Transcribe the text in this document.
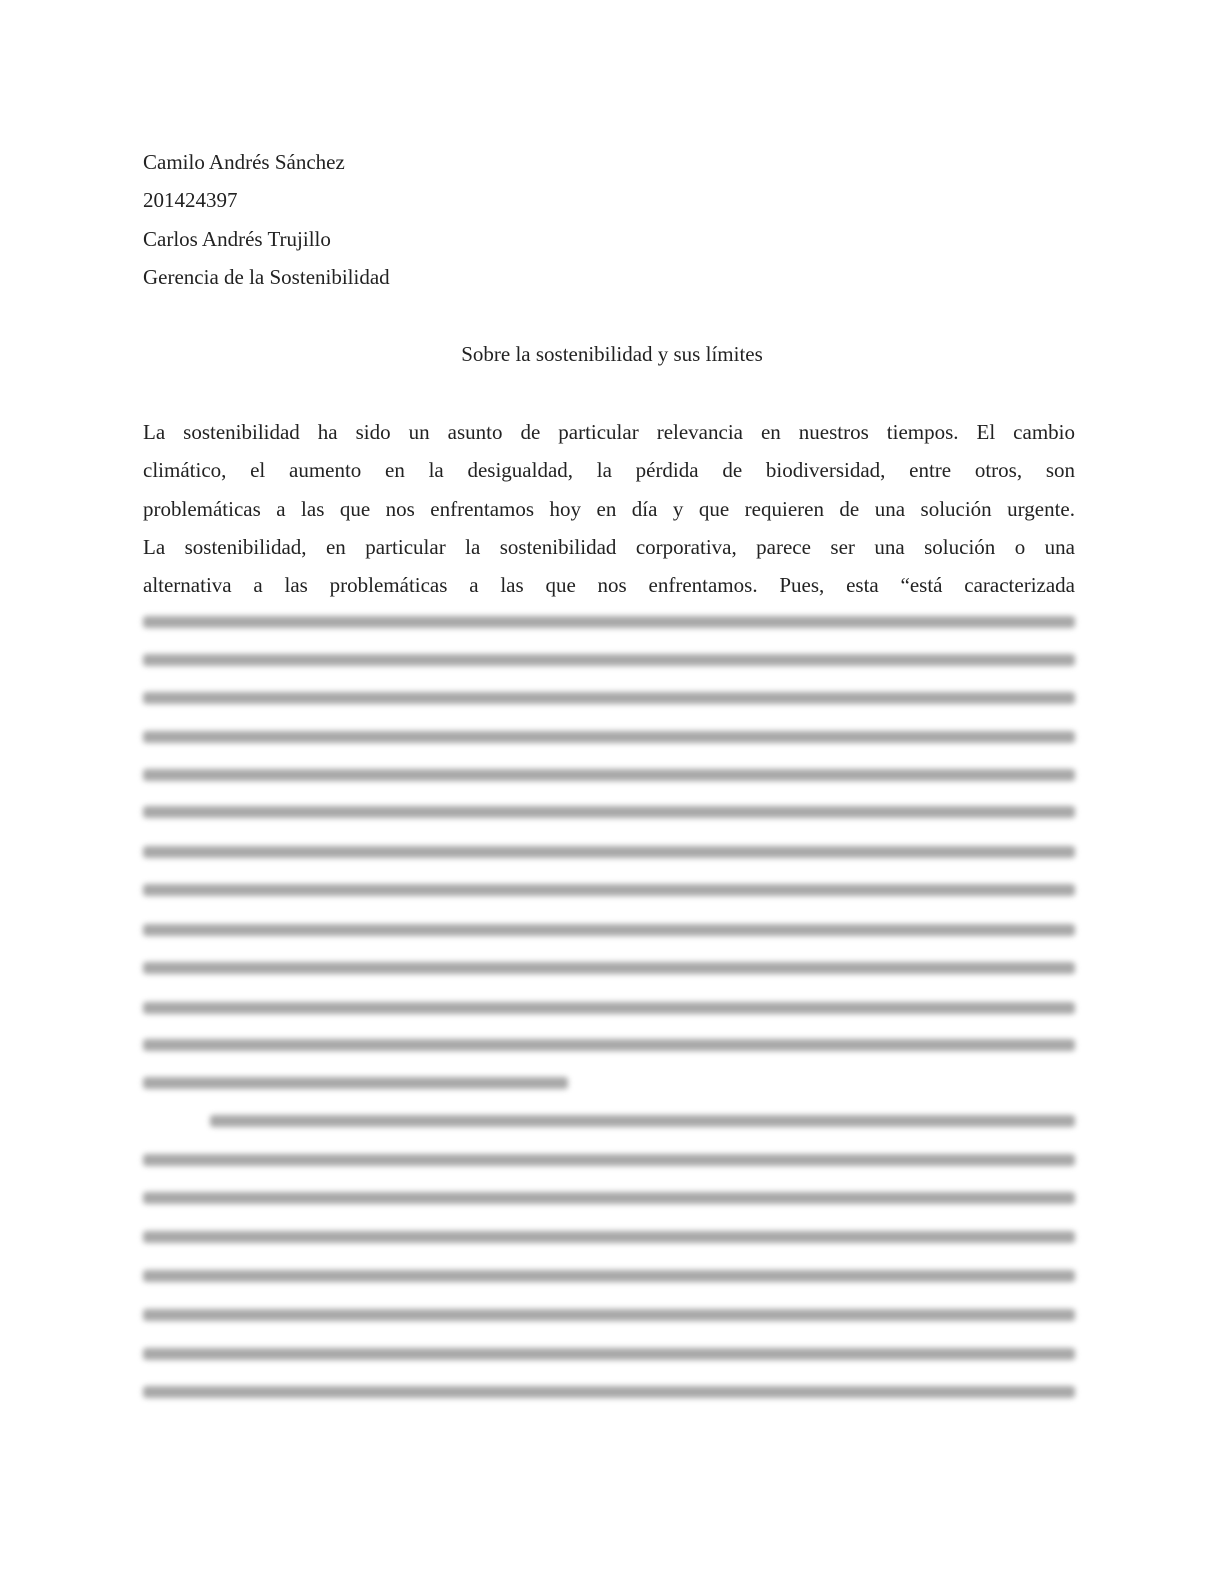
Camilo Andrés Sánchez
201424397
Carlos Andrés Trujillo
Gerencia de la Sostenibilidad
Sobre la sostenibilidad y sus límites
La sostenibilidad ha sido un asunto de particular relevancia en nuestros tiempos. El cambio
climático, el aumento en la desigualdad, la pérdida de biodiversidad, entre otros, son
problemáticas a las que nos enfrentamos hoy en día y que requieren de una solución urgente.
La sostenibilidad, en particular la sostenibilidad corporativa, parece ser una solución o una
alternativa a las problemáticas a las que nos enfrentamos. Pues, esta “está caracterizada
